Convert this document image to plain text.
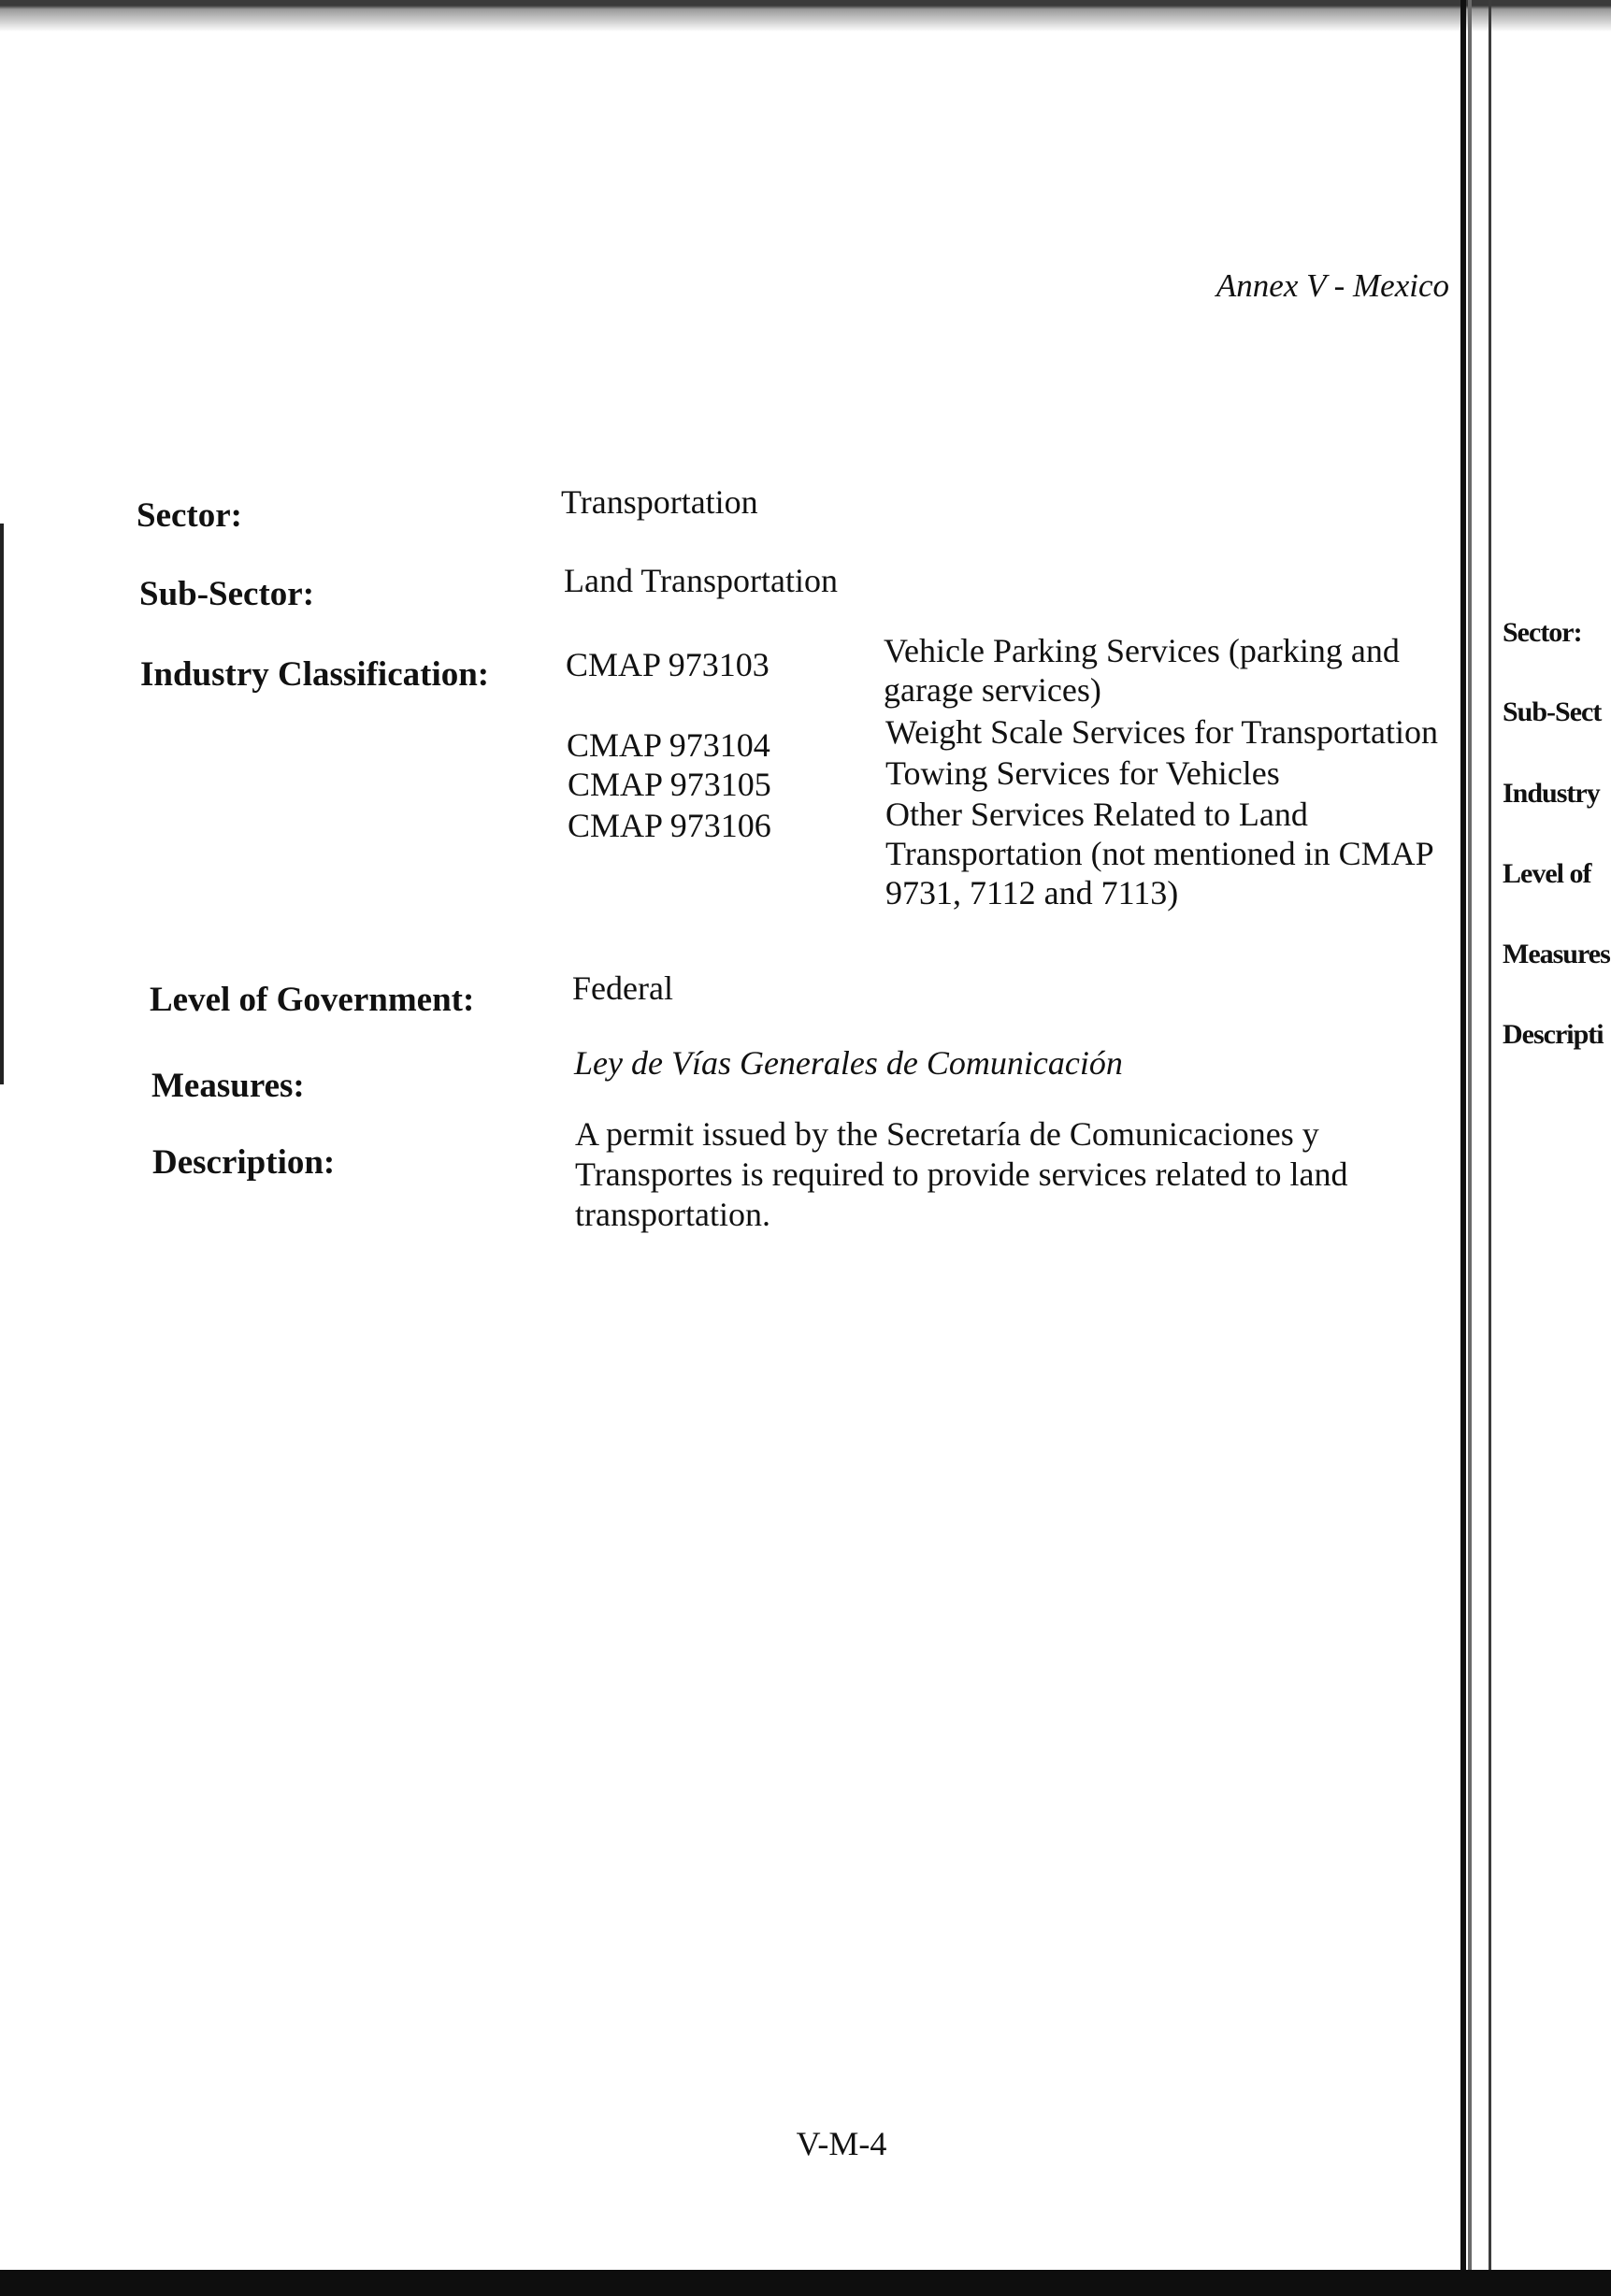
Annex V - Mexico
Sector:	Transportation
Sub-Sector:	Land Transportation
Industry Classification: CMAP 973103	Vehicle Parking Services (parking and garage services)
CMAP 973104	Weight Scale Services for Transportation
CMAP 973105	Towing Services for Vehicles
CMAP 973106	Other Services Related to Land Transportation (not mentioned in CMAP 9731, 7112 and 7113)
Level of Government:	Federal
Measures:
Ley de Vías Generales de Comunicación
Description:
A permit issued by the Secretaría de Comunicaciones y Transportes is required to provide services related to land transportation.
V-M-4
Sector:
Sub-Sect
Industry
Level of
Measures
Descripti
